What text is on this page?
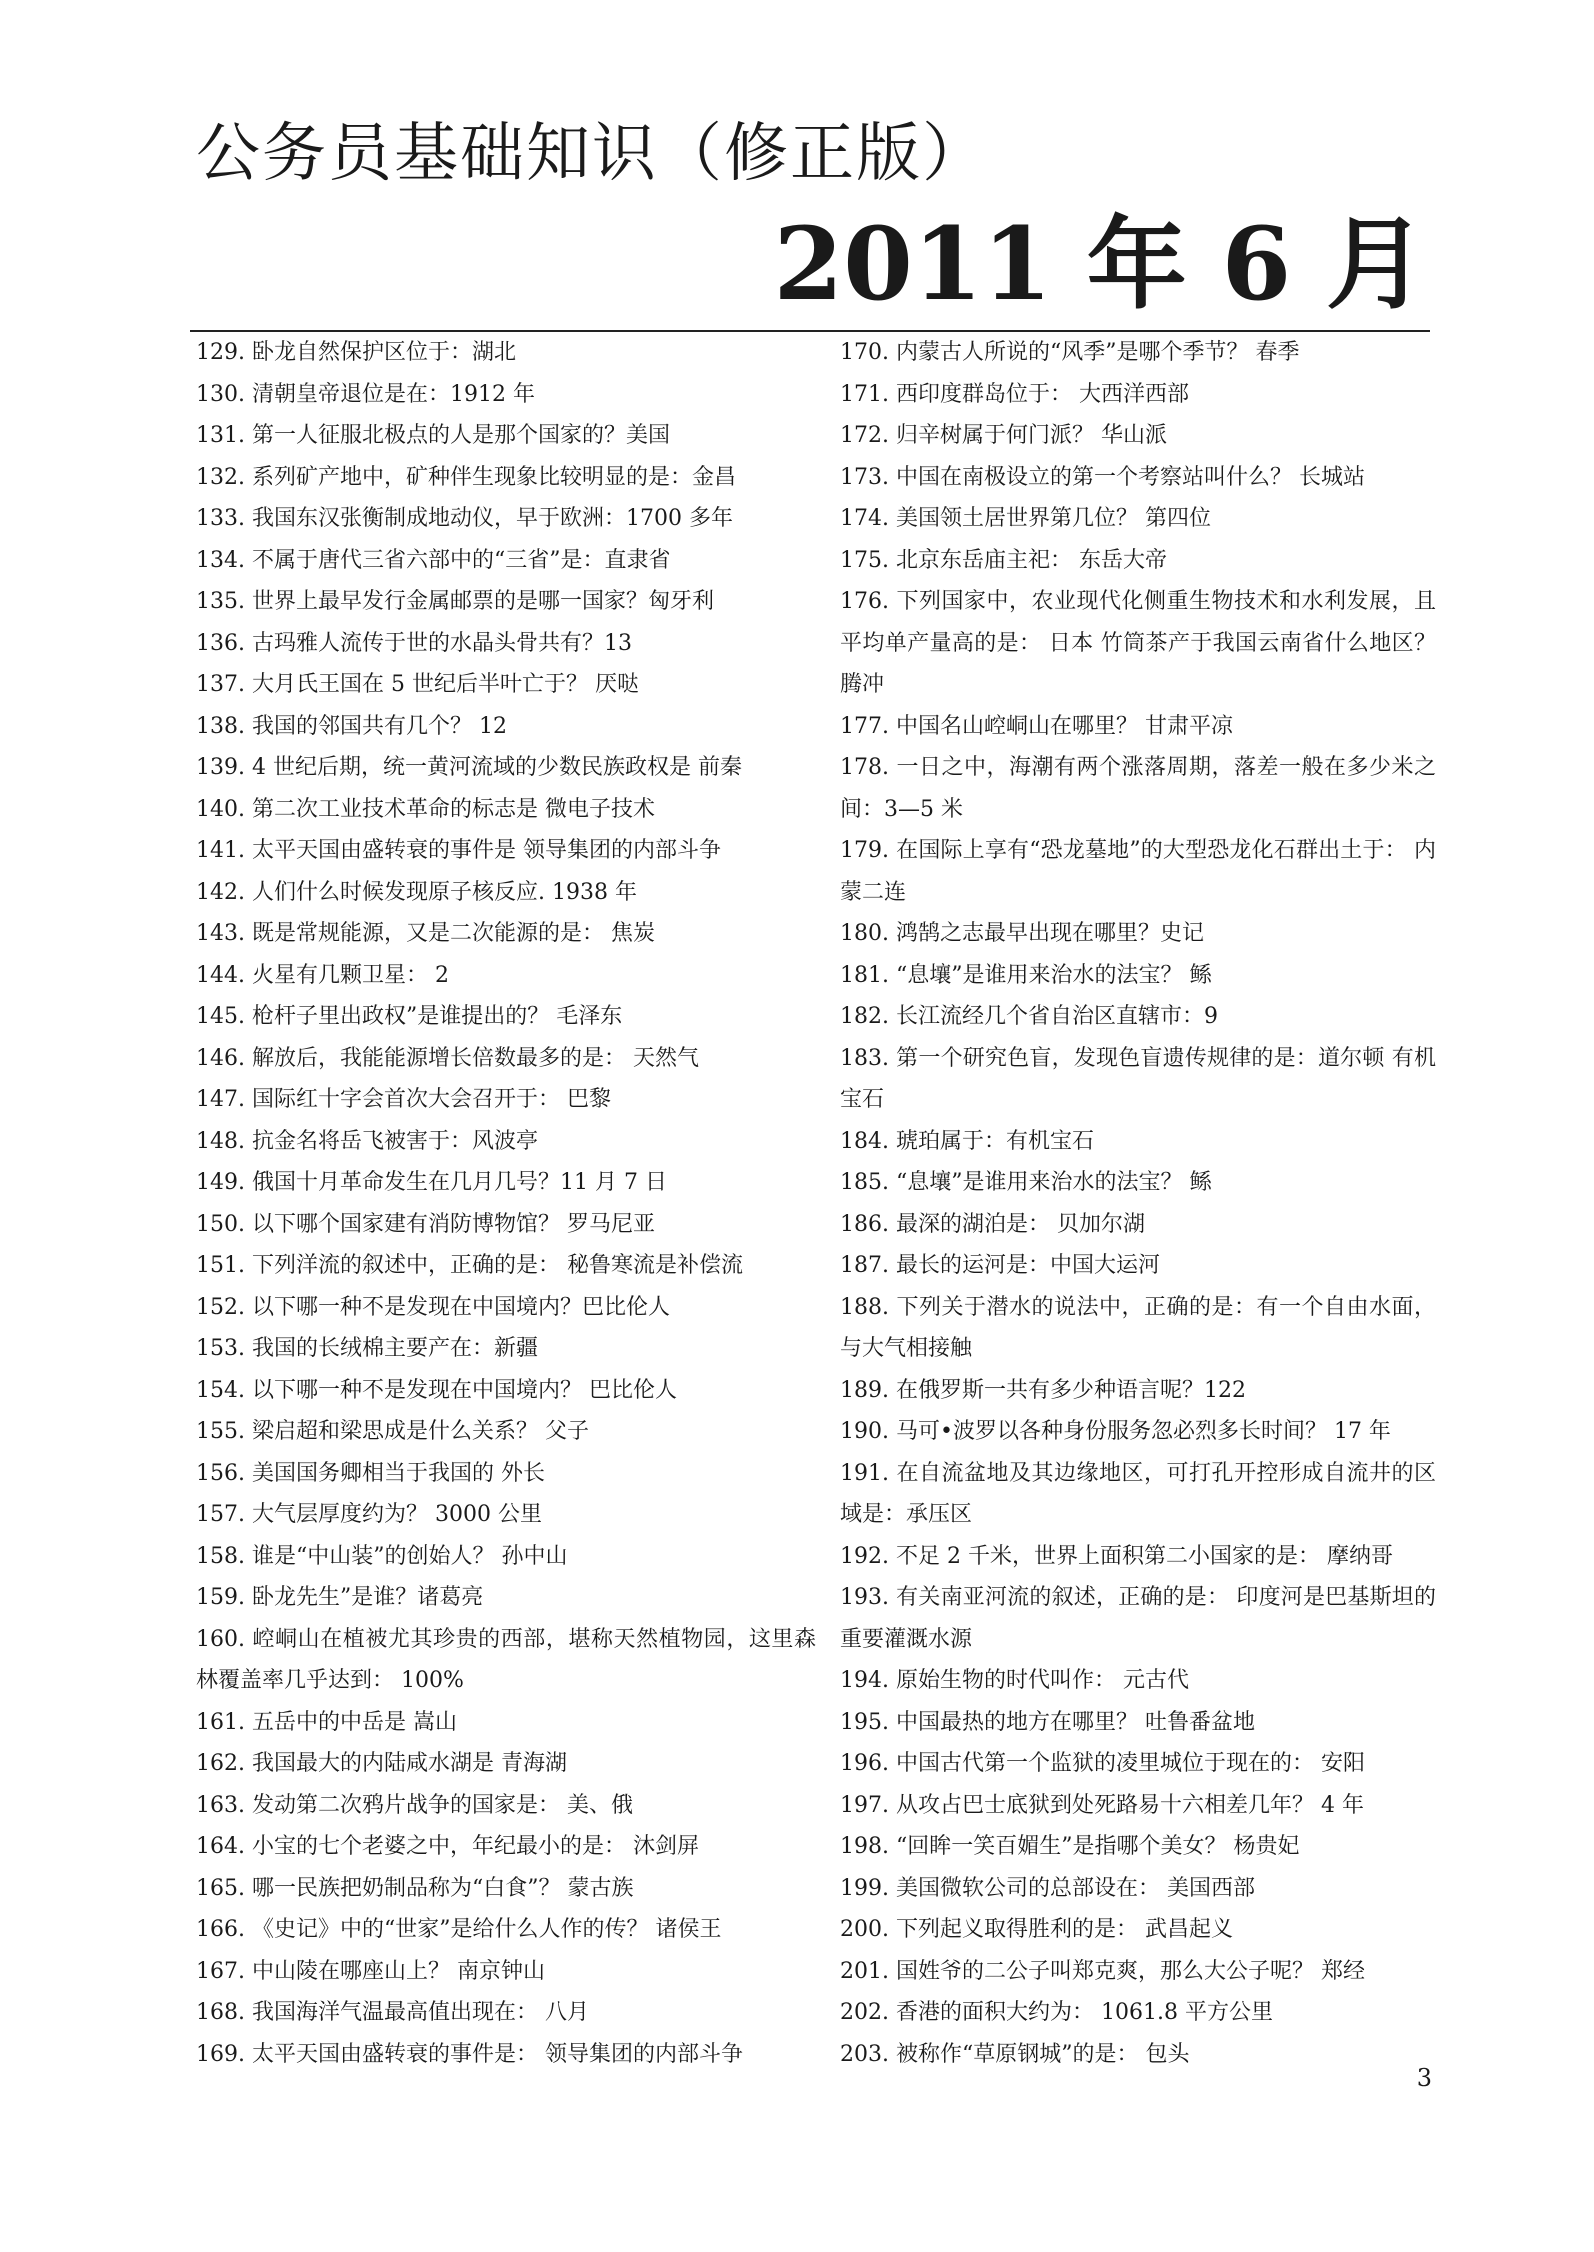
公务员基础知识（修正版）
2011 年 6 月

129. 卧龙自然保护区位于：湖北

130. 清朝皇帝退位是在：1912 年

131. 第一人征服北极点的人是那个国家的？美国

132. 系列矿产地中，矿种伴生现象比较明显的是：金昌

133. 我国东汉张衡制成地动仪，早于欧洲：1700 多年

134. 不属于唐代三省六部中的“三省”是：直隶省

135. 世界上最早发行金属邮票的是哪一国家？匈牙利

136. 古玛雅人流传于世的水晶头骨共有？13

137. 大月氏王国在 5 世纪后半叶亡于？ 厌哒

138. 我国的邻国共有几个？ 12

139. 4 世纪后期，统一黄河流域的少数民族政权是 前秦

140. 第二次工业技术革命的标志是 微电子技术

141. 太平天国由盛转衰的事件是 领导集团的内部斗争

142. 人们什么时候发现原子核反应. 1938 年

143. 既是常规能源，又是二次能源的是： 焦炭

144. 火星有几颗卫星： 2

145. 枪杆子里出政权”是谁提出的？ 毛泽东

146. 解放后，我能能源增长倍数最多的是： 天然气

147. 国际红十字会首次大会召开于： 巴黎

148. 抗金名将岳飞被害于：风波亭

149. 俄国十月革命发生在几月几号？11 月 7 日

150. 以下哪个国家建有消防博物馆？ 罗马尼亚

151. 下列洋流的叙述中，正确的是： 秘鲁寒流是补偿流

152. 以下哪一种不是发现在中国境内？巴比伦人

153. 我国的长绒棉主要产在：新疆

154. 以下哪一种不是发现在中国境内？ 巴比伦人

155. 梁启超和梁思成是什么关系？ 父子

156. 美国国务卿相当于我国的 外长

157. 大气层厚度约为？ 3000 公里

158. 谁是“中山装”的创始人？ 孙中山

159. 卧龙先生”是谁？诸葛亮

160. 崆峒山在植被尤其珍贵的西部，堪称天然植物园，这里森林覆盖率几乎达到： 100%

161. 五岳中的中岳是 嵩山

162. 我国最大的内陆咸水湖是 青海湖

163. 发动第二次鸦片战争的国家是： 美、俄

164. 小宝的七个老婆之中，年纪最小的是： 沐剑屏

165. 哪一民族把奶制品称为“白食”？ 蒙古族

166. 《史记》中的“世家”是给什么人作的传？ 诸侯王

167. 中山陵在哪座山上？ 南京钟山

168. 我国海洋气温最高值出现在： 八月

169. 太平天国由盛转衰的事件是： 领导集团的内部斗争

170. 内蒙古人所说的“风季”是哪个季节？ 春季

171. 西印度群岛位于： 大西洋西部

172. 归辛树属于何门派？ 华山派

173. 中国在南极设立的第一个考察站叫什么？ 长城站

174. 美国领土居世界第几位？ 第四位

175. 北京东岳庙主祀： 东岳大帝

176. 下列国家中，农业现代化侧重生物技术和水利发展，且平均单产量高的是： 日本 竹筒茶产于我国云南省什么地区？ 腾冲

177. 中国名山崆峒山在哪里？ 甘肃平凉

178. 一日之中，海潮有两个涨落周期，落差一般在多少米之间：3—5 米

179. 在国际上享有“恐龙墓地”的大型恐龙化石群出土于： 内蒙二连

180. 鸿鹄之志最早出现在哪里？史记

181. “息壤”是谁用来治水的法宝？ 鲧

182. 长江流经几个省自治区直辖市：9

183. 第一个研究色盲，发现色盲遗传规律的是：道尔顿 有机宝石

184. 琥珀属于：有机宝石

185. “息壤”是谁用来治水的法宝？ 鲧

186. 最深的湖泊是： 贝加尔湖

187. 最长的运河是：中国大运河

188. 下列关于潜水的说法中，正确的是：有一个自由水面，与大气相接触

189. 在俄罗斯一共有多少种语言呢？122

190. 马可•波罗以各种身份服务忽必烈多长时间？ 17 年

191. 在自流盆地及其边缘地区，可打孔开控形成自流井的区域是：承压区

192. 不足 2 千米，世界上面积第二小国家的是： 摩纳哥

193. 有关南亚河流的叙述，正确的是： 印度河是巴基斯坦的重要灌溉水源

194. 原始生物的时代叫作： 元古代

195. 中国最热的地方在哪里？ 吐鲁番盆地

196. 中国古代第一个监狱的凌里城位于现在的： 安阳

197. 从攻占巴士底狱到处死路易十六相差几年？ 4 年

198. “回眸一笑百媚生”是指哪个美女？ 杨贵妃

199. 美国微软公司的总部设在： 美国西部

200. 下列起义取得胜利的是： 武昌起义

201. 国姓爷的二公子叫郑克爽，那么大公子呢？ 郑经

202. 香港的面积大约为： 1061.8 平方公里

203. 被称作“草原钢城”的是： 包头

3
